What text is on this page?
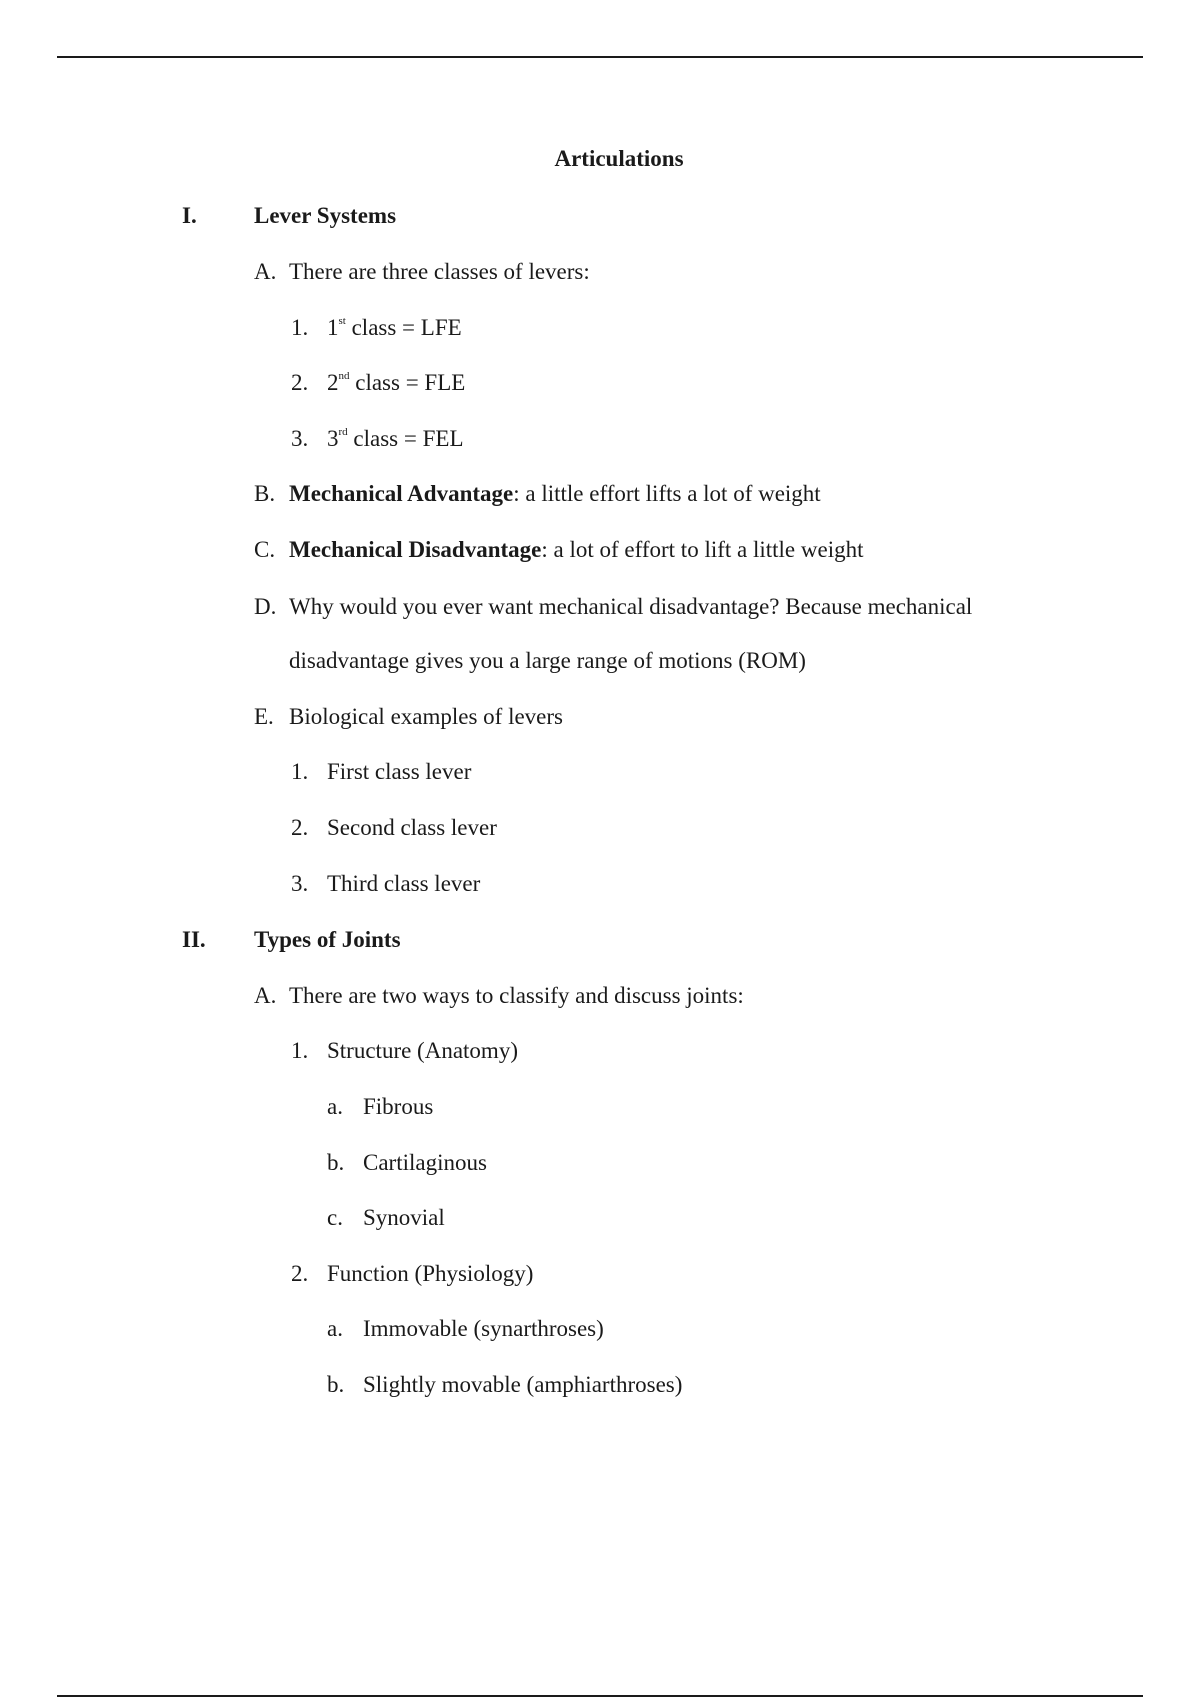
Articulations
I. Lever Systems
A. There are three classes of levers:
1. 1st class = LFE
2. 2nd class = FLE
3. 3rd class = FEL
B. Mechanical Advantage: a little effort lifts a lot of weight
C. Mechanical Disadvantage: a lot of effort to lift a little weight
D. Why would you ever want mechanical disadvantage? Because mechanical
disadvantage gives you a large range of motions (ROM)
E. Biological examples of levers
1. First class lever
2. Second class lever
3. Third class lever
II. Types of Joints
A. There are two ways to classify and discuss joints:
1. Structure (Anatomy)
a. Fibrous
b. Cartilaginous
c. Synovial
2. Function (Physiology)
a. Immovable (synarthroses)
b. Slightly movable (amphiarthroses)
